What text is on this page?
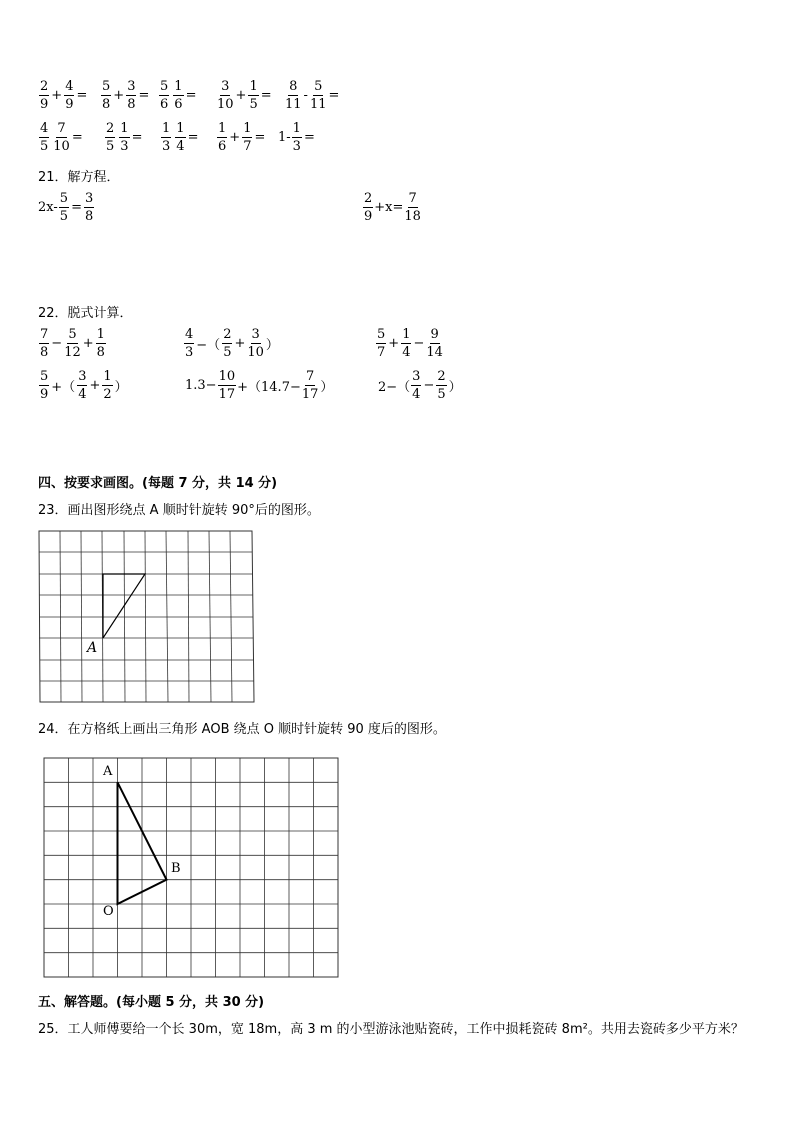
$\frac{2}{9} + \frac{4}{9} = \frac{5}{8} + \frac{3}{8} = \frac{5}{6} \frac{1}{6} = \frac{3}{10} + \frac{1}{5} = \frac{8}{11} - \frac{5}{11}$ =
$\frac{4}{5} \frac{7}{10} = \frac{2}{5} \frac{1}{3} = \frac{1}{3} \frac{1}{4} = \frac{1}{6} + \frac{1}{7} = 1- \frac{1}{3}$ =
21．解方程．
$2x- \frac{5}{5} = \frac{3}{8}$	$\frac{2}{9} +x= \frac{7}{18}$
22．脱式计算．
$\frac{7}{8} - \frac{5}{12} + \frac{1}{8}$	$\frac{4}{3}$ −（ $\frac{2}{5} + \frac{3}{10}$ ）	$\frac{5}{7} + \frac{1}{4} - \frac{9}{14}$
$\frac{5}{9}$ +（ $\frac{3}{4} + \frac{1}{2}$ ）	$1.3- \frac{10}{17} +(14.7- \frac{7}{17}$ ）	$2-( \frac{3}{4} - \frac{2}{5}$ ）
四、按要求画图。(每题 7 分，共 14 分)
23．画出图形绕点 A 顺时针旋转 90°后的图形。
A
24．在方格纸上画出三角形 AOB 绕点 O 顺时针旋转 90 度后的图形。
A
B
O
五、解答题。(每小题 5 分，共 30 分)
25．工人师傅要给一个长 30m，宽 18m，高 3 m 的小型游泳池贴瓷砖，工作中损耗瓷砖 8m²。共用去瓷砖多少平方米？
